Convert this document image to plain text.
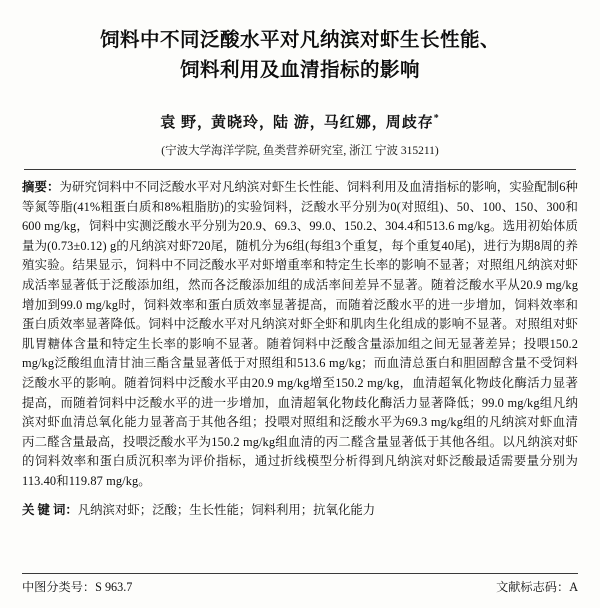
饲料中不同泛酸水平对凡纳滨对虾生长性能、
饲料利用及血清指标的影响
袁 野，黄晓玲，陆 游，马红娜，周歧存*
(宁波大学海洋学院, 鱼类营养研究室, 浙江 宁波 315211)

摘要：为研究饲料中不同泛酸水平对凡纳滨对虾生长性能、饲料利用及血清指标的影响，实验配制6种等氮等脂(41%粗蛋白质和8%粗脂肪)的实验饲料，泛酸水平分别为0(对照组)、50、100、150、300和600 mg/kg，饲料中实测泛酸水平分别为20.9、69.3、99.0、150.2、304.4和513.6 mg/kg。选用初始体质量为(0.73±0.12) g的凡纳滨对虾720尾，随机分为6组(每组3个重复，每个重复40尾)，进行为期8周的养殖实验。结果显示，饲料中不同泛酸水平对虾增重率和特定生长率的影响不显著；对照组凡纳滨对虾成活率显著低于泛酸添加组，然而各泛酸添加组的成活率间差异不显著。随着泛酸水平从20.9 mg/kg增加到99.0 mg/kg时，饲料效率和蛋白质效率显著提高，而随着泛酸水平的进一步增加，饲料效率和蛋白质效率显著降低。饲料中泛酸水平对凡纳滨对虾全虾和肌肉生化组成的影响不显著。对照组对虾肌胃糖体含量和特定生长率的影响不显著。随着饲料中泛酸含量添加组之间无显著差异；投喂150.2 mg/kg泛酸组血清甘油三酯含量显著低于对照组和513.6 mg/kg；而血清总蛋白和胆固醇含量不受饲料泛酸水平的影响。随着饲料中泛酸水平由20.9 mg/kg增至150.2 mg/kg，血清超氧化物歧化酶活力显著提高，而随着饲料中泛酸水平的进一步增加，血清超氧化物歧化酶活力显著降低；99.0 mg/kg组凡纳滨对虾血清总氧化能力显著高于其他各组；投喂对照组和泛酸水平为69.3 mg/kg组的凡纳滨对虾血清丙二醛含量最高，投喂泛酸水平为150.2 mg/kg组血清的丙二醛含量显著低于其他各组。以凡纳滨对虾的饲料效率和蛋白质沉积率为评价指标，通过折线模型分析得到凡纳滨对虾泛酸最适需要量分别为113.40和119.87 mg/kg。

关 键 词：凡纳滨对虾；泛酸；生长性能；饲料利用；抗氧化能力

中图分类号：S 963.7	文献标志码：A
